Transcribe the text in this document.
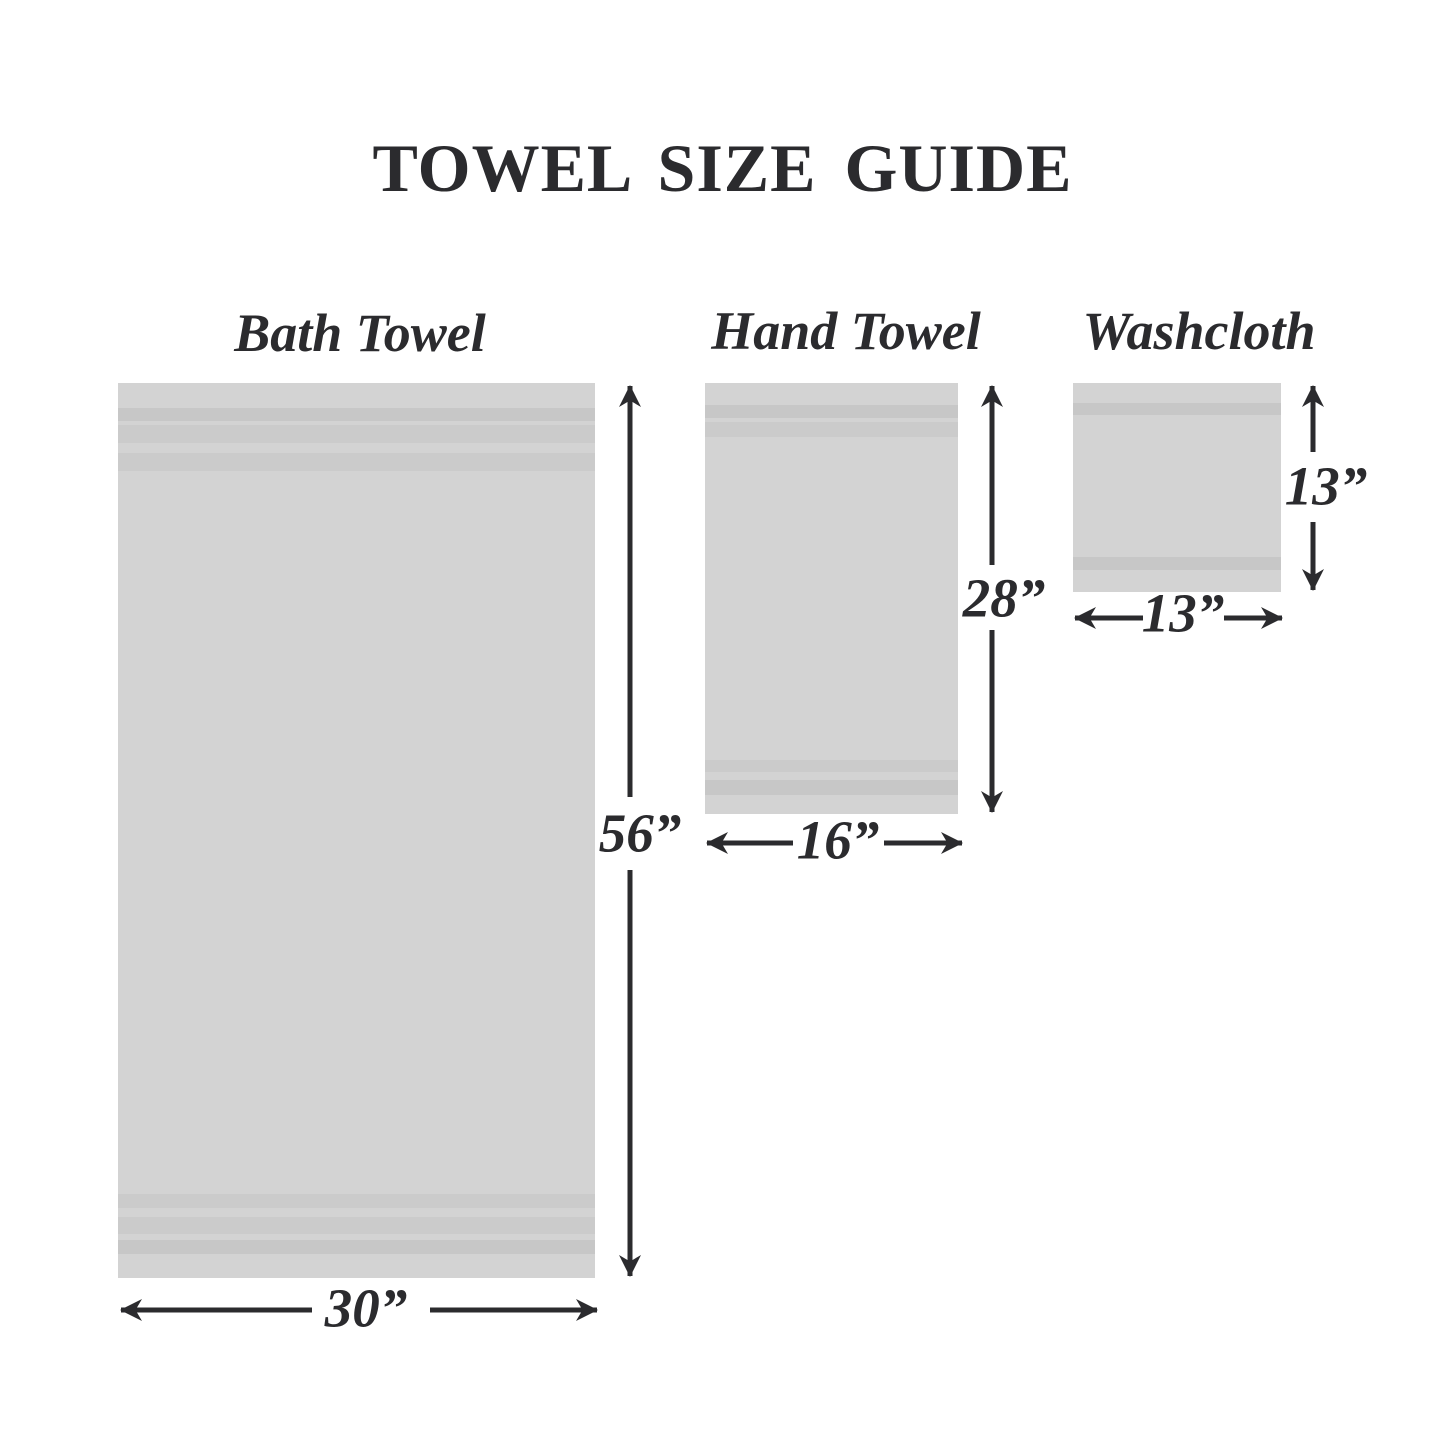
TOWEL SIZE GUIDE
Bath Towel
56”
30”
Hand Towel
28”
16”
Washcloth
13”
13”
